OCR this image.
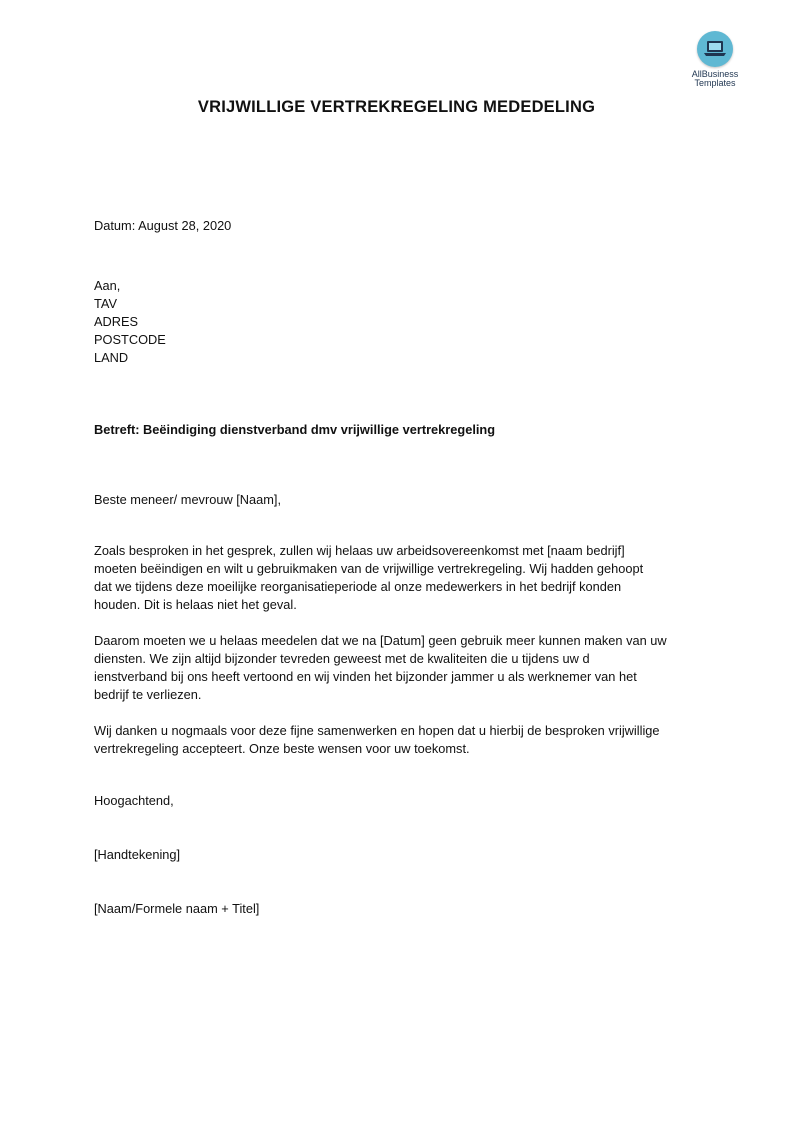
AllBusiness
Templates
VRIJWILLIGE VERTREKREGELING MEDEDELING

Datum: August 28, 2020

Aan,

TAV

ADRES

POSTCODE

LAND

Betreft: Beëindiging dienstverband dmv vrijwillige vertrekregeling

Beste meneer/ mevrouw [Naam],

Zoals besproken in het gesprek, zullen wij helaas uw arbeidsovereenkomst met [naam bedrijf]

moeten beëindigen en wilt u gebruikmaken van de vrijwillige vertrekregeling. Wij hadden gehoopt

dat we tijdens deze moeilijke reorganisatieperiode al onze medewerkers in het bedrijf konden

houden. Dit is helaas niet het geval.

Daarom moeten we u helaas meedelen dat we na [Datum] geen gebruik meer kunnen maken van uw

diensten. We zijn altijd bijzonder tevreden geweest met de kwaliteiten die u tijdens uw d

ienstverband bij ons heeft vertoond en wij vinden het bijzonder jammer u als werknemer van het

bedrijf te verliezen.

Wij danken u nogmaals voor deze fijne samenwerken en hopen dat u hierbij de besproken vrijwillige

vertrekregeling accepteert. Onze beste wensen voor uw toekomst.

Hoogachtend,

[Handtekening]

[Naam/Formele naam + Titel]
